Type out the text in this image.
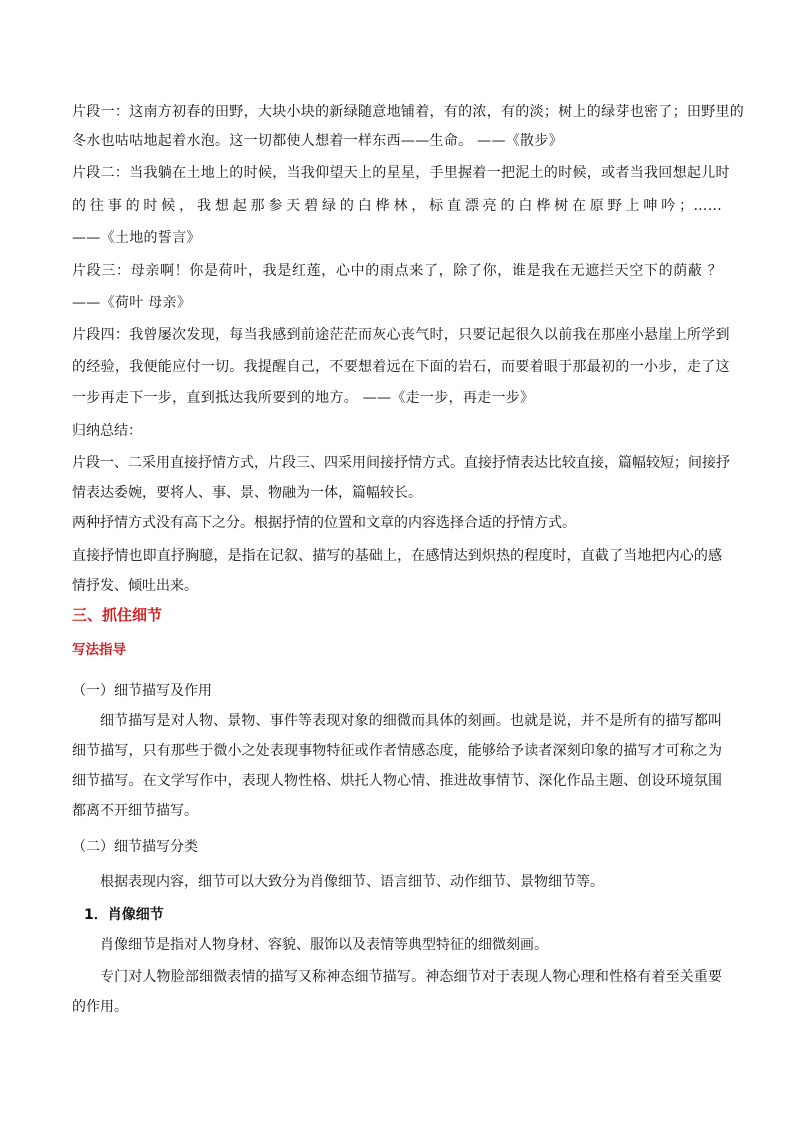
片段一：这南方初春的田野，大块小块的新绿随意地铺着，有的浓，有的淡；树上的绿芽也密了；田野里的

冬水也咕咕地起着水泡。这一切都使人想着一样东西——生命。 ——《散步》

片段二：当我躺在土地上的时候，当我仰望天上的星星，手里握着一把泥土的时候，或者当我回想起儿时

的往事的时候，我想起那参天碧绿的白桦林，标直漂亮的白桦树在原野上呻吟；……

——《土地的誓言》

片段三：母亲啊！你是荷叶，我是红莲，心中的雨点来了，除了你，谁是我在无遮拦天空下的荫蔽 ？

——《荷叶 母亲》

片段四：我曾屡次发现，每当我感到前途茫茫而灰心丧气时，只要记起很久以前我在那座小悬崖上所学到

的经验，我便能应付一切。我提醒自己，不要想着远在下面的岩石，而要着眼于那最初的一小步，走了这

一步再走下一步，直到抵达我所要到的地方。 ——《走一步，再走一步》

归纳总结：

片段一、二采用直接抒情方式，片段三、四采用间接抒情方式。直接抒情表达比较直接，篇幅较短；间接抒

情表达委婉，要将人、事、景、物融为一体，篇幅较长。

两种抒情方式没有高下之分。根据抒情的位置和文章的内容选择合适的抒情方式。

直接抒情也即直抒胸臆，是指在记叙、描写的基础上，在感情达到炽热的程度时，直截了当地把内心的感

情抒发、倾吐出来。

三、抓住细节

写法指导

（一）细节描写及作用

细节描写是对人物、景物、事件等表现对象的细微而具体的刻画。也就是说，并不是所有的描写都叫

细节描写，只有那些于微小之处表现事物特征或作者情感态度，能够给予读者深刻印象的描写才可称之为

细节描写。在文学写作中，表现人物性格、烘托人物心情、推进故事情节、深化作品主题、创设环境氛围

都离不开细节描写。

（二）细节描写分类

根据表现内容，细节可以大致分为肖像细节、语言细节、动作细节、景物细节等。

1．肖像细节

肖像细节是指对人物身材、容貌、服饰以及表情等典型特征的细微刻画。

专门对人物脸部细微表情的描写又称神态细节描写。神态细节对于表现人物心理和性格有着至关重要

的作用。
